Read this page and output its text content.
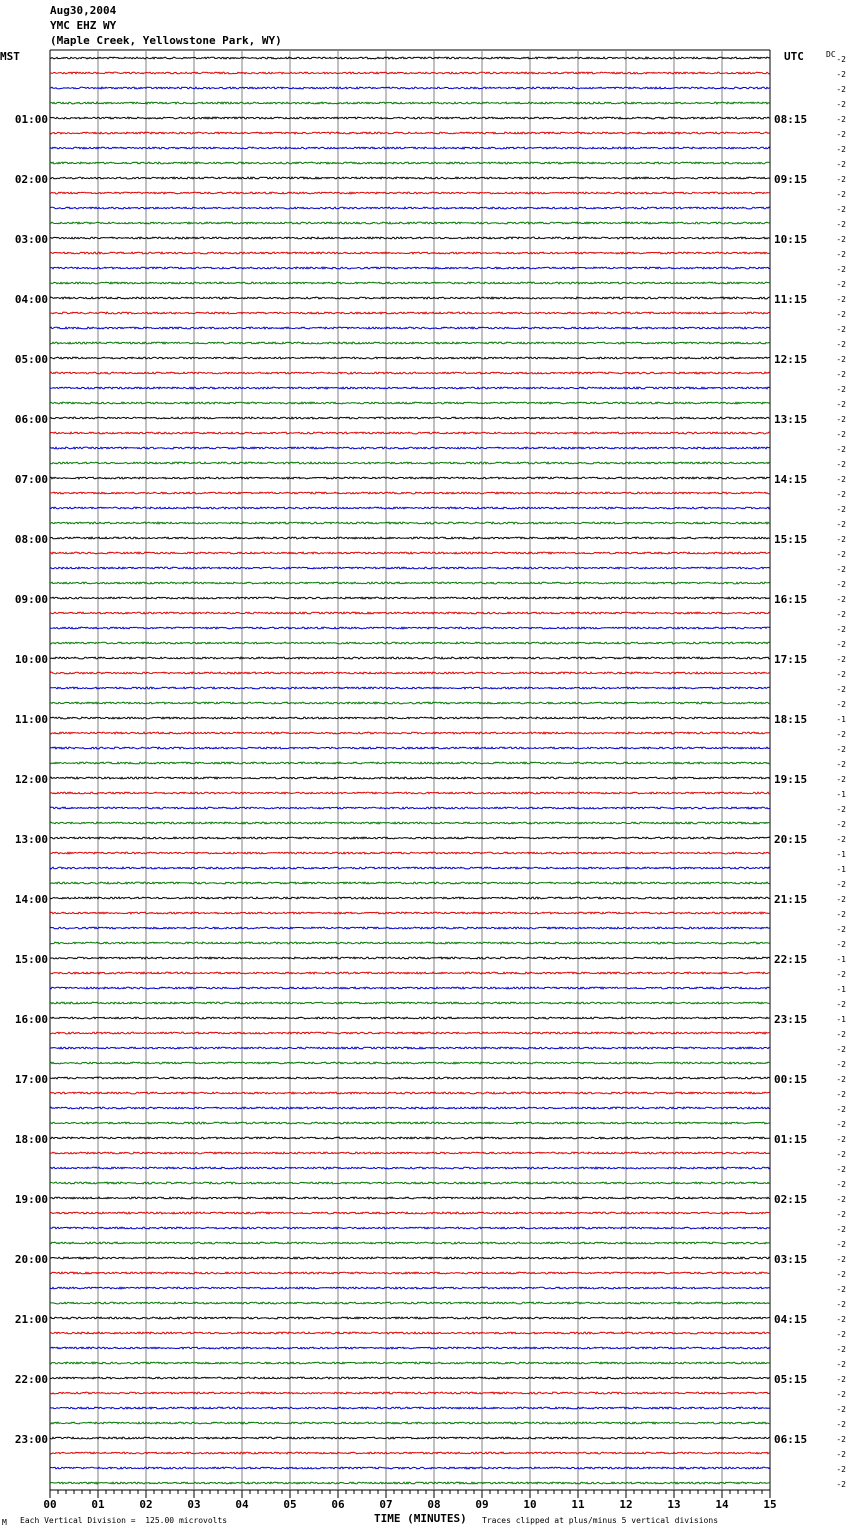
Aug30,2004
YMC EHZ WY
(Maple Creek, Yellowstone Park, WY)
MST	UTC	DC
00	01	02	03	04	05	06	07	08	09	10	11	12	13	14	15
-2
-2
-2
-2
-2
-2
-2
-2
-2
-2
-2
-2
-2
-2
-2
-2
-2
-2
-2
-2
-2
-2
-2
-2
-2
-2
-2
-2
-2
-2
-2
-2
-2
-2
-2
-2
-2
-2
-2
-2
-2
-2
-2
-2
-1
-2
-2
-2
-2
-1
-2
-2
-2
-1
-1
-2
-2
-2
-2
-2
-1
-2
-1
-2
-1
-2
-2
-2
-2
-2
-2
-2
-2
-2
-2
-2
-2
-2
-2
-2
-2
-2
-2
-2
-2
-2
-2
-2
-2
-2
-2
-2
-2
-2
-2
-2
01:00
02:00
03:00
04:00
05:00
06:00
07:00
08:00
09:00
10:00
11:00
12:00
13:00
14:00
15:00
16:00
17:00
18:00
19:00
20:00
21:00
22:00
23:00
08:15
09:15
10:15
11:15
12:15
13:15
14:15
15:15
16:15
17:15
18:15
19:15
20:15
21:15
22:15
23:15
00:15
01:15
02:15
03:15
04:15
05:15
06:15
M Each Vertical Division =  125.00 microvolts	TIME (MINUTES) Traces clipped at plus/minus 5 vertical divisions
